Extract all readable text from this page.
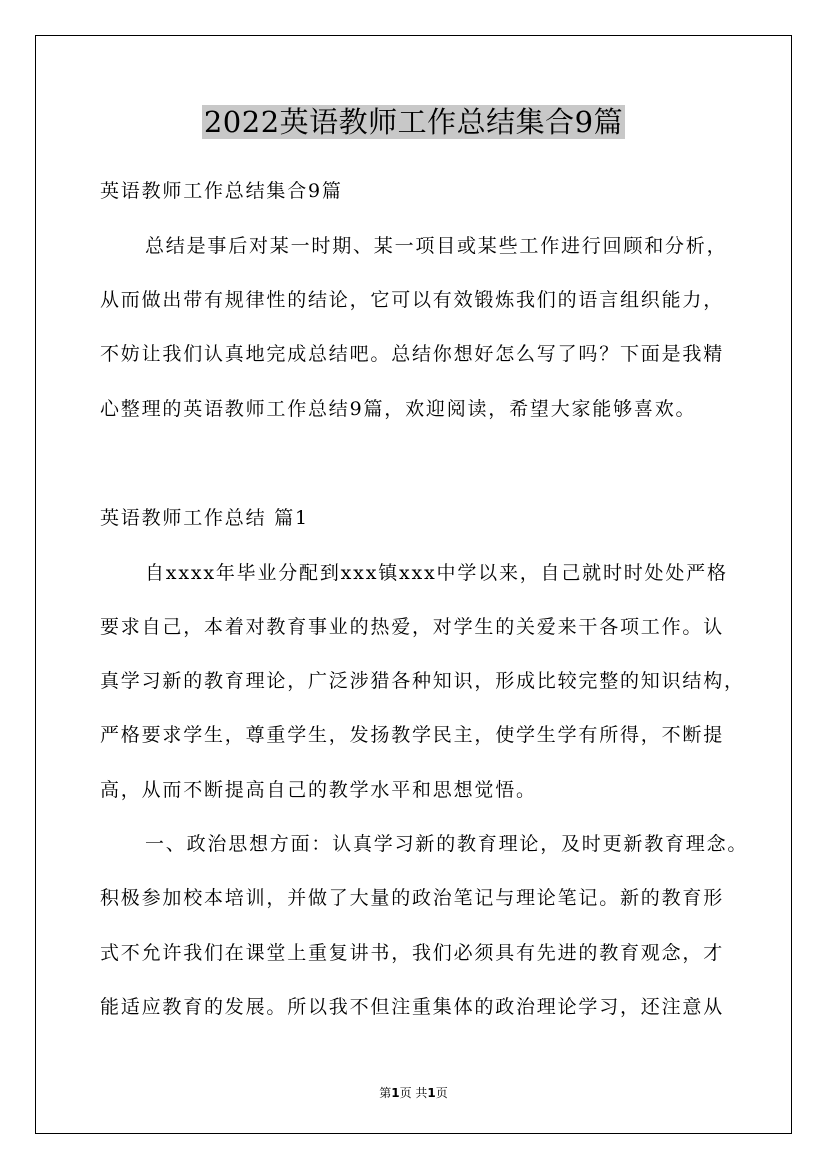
2022英语教师工作总结集合9篇
英语教师工作总结集合9篇
总结是事后对某一时期、某一项目或某些工作进行回顾和分析，
从而做出带有规律性的结论，它可以有效锻炼我们的语言组织能力，
不妨让我们认真地完成总结吧。总结你想好怎么写了吗？下面是我精
心整理的英语教师工作总结9篇，欢迎阅读，希望大家能够喜欢。
英语教师工作总结 篇1
自xxxx年毕业分配到xxx镇xxx中学以来，自己就时时处处严格
要求自己，本着对教育事业的热爱，对学生的关爱来干各项工作。认
真学习新的教育理论，广泛涉猎各种知识，形成比较完整的知识结构，
严格要求学生，尊重学生，发扬教学民主，使学生学有所得，不断提
高，从而不断提高自己的教学水平和思想觉悟。
一、政治思想方面：认真学习新的教育理论，及时更新教育理念。
积极参加校本培训，并做了大量的政治笔记与理论笔记。新的教育形
式不允许我们在课堂上重复讲书，我们必须具有先进的教育观念，才
能适应教育的发展。所以我不但注重集体的政治理论学习，还注意从
第1页 共1页
